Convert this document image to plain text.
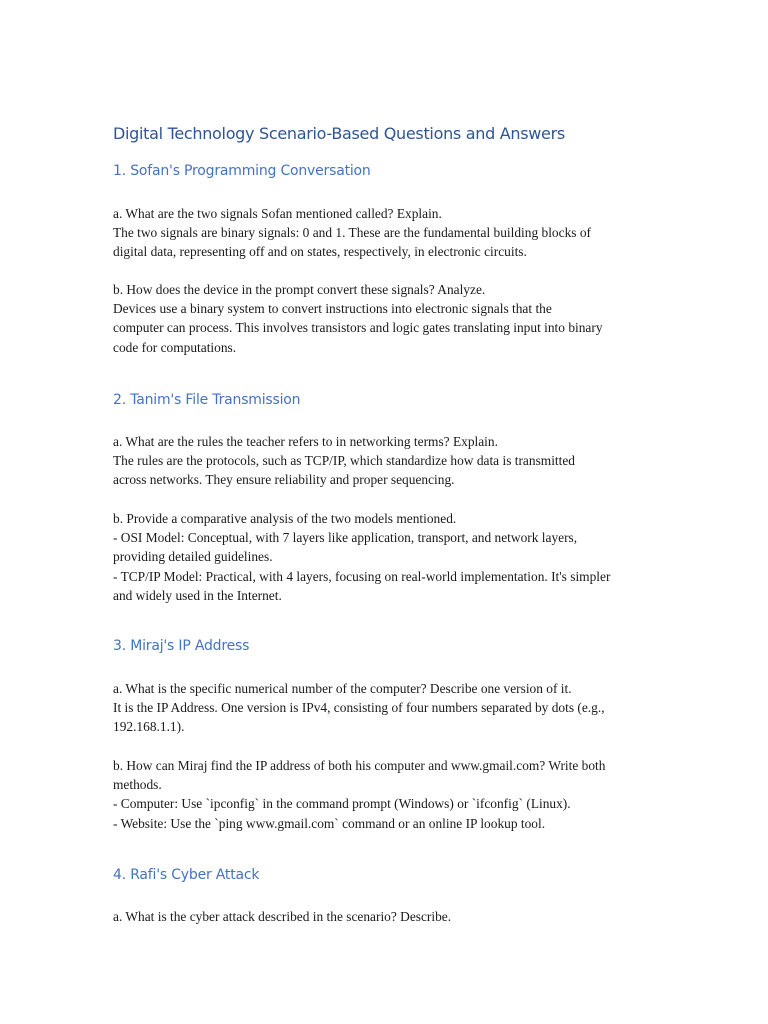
Digital Technology Scenario-Based Questions and Answers
1. Sofan's Programming Conversation

a. What are the two signals Sofan mentioned called? Explain.
The two signals are binary signals: 0 and 1. These are the fundamental building blocks of
digital data, representing off and on states, respectively, in electronic circuits.

b. How does the device in the prompt convert these signals? Analyze.
Devices use a binary system to convert instructions into electronic signals that the
computer can process. This involves transistors and logic gates translating input into binary
code for computations.

2. Tanim's File Transmission

a. What are the rules the teacher refers to in networking terms? Explain.
The rules are the protocols, such as TCP/IP, which standardize how data is transmitted
across networks. They ensure reliability and proper sequencing.

b. Provide a comparative analysis of the two models mentioned.
- OSI Model: Conceptual, with 7 layers like application, transport, and network layers,
providing detailed guidelines.
- TCP/IP Model: Practical, with 4 layers, focusing on real-world implementation. It's simpler
and widely used in the Internet.

3. Miraj's IP Address

a. What is the specific numerical number of the computer? Describe one version of it.
It is the IP Address. One version is IPv4, consisting of four numbers separated by dots (e.g.,
192.168.1.1).

b. How can Miraj find the IP address of both his computer and www.gmail.com? Write both
methods.
- Computer: Use `ipconfig` in the command prompt (Windows) or `ifconfig` (Linux).
- Website: Use the `ping www.gmail.com` command or an online IP lookup tool.

4. Rafi's Cyber Attack

a. What is the cyber attack described in the scenario? Describe.
